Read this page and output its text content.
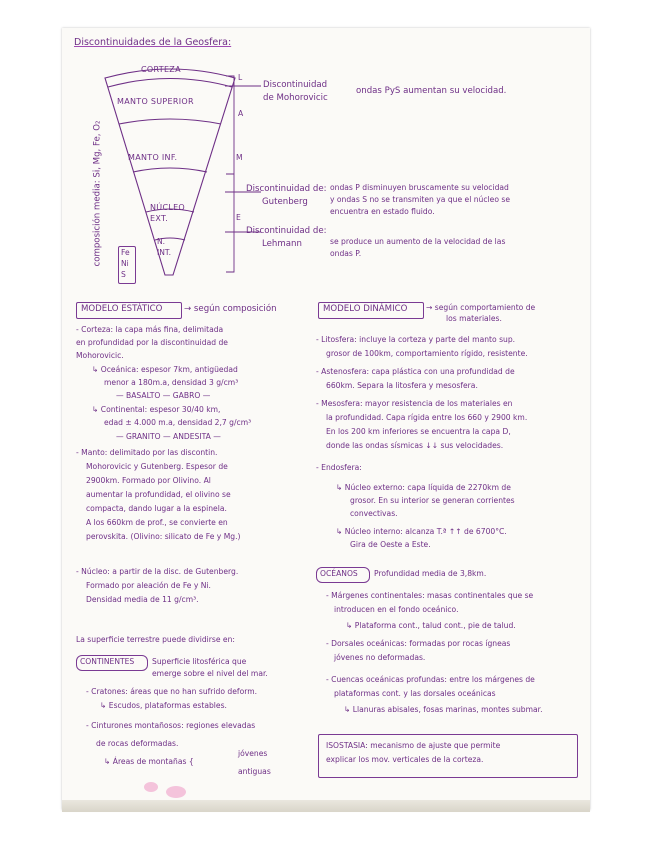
Discontinuidades de la Geosfera:
CORTEZA
MANTO SUPERIOR
MANTO INF.
NÚCLEO EXT.
N. INT.
Fe
Ni
S
composición media: Si, Mg, Fe, O₂
L
A
M
E
Discontinuidad
de Mohorovicic
ondas PyS aumentan su velocidad.
Discontinuidad de:
Gutenberg
ondas P disminuyen bruscamente su velocidad
y ondas S no se transmiten ya que el núcleo se
encuentra en estado fluido.
Discontinuidad de:
Lehmann	se produce un aumento de la velocidad de las
ondas P.
MODELO ESTÁTICO	→ según composición
- Corteza: la capa más fina, delimitada
en profundidad por la discontinuidad de
Mohorovicic.
↳ Oceánica: espesor 7km, antigüedad
menor a 180m.a, densidad 3 g/cm³
— BASALTO — GABRO —
↳ Continental: espesor 30/40 km,
edad ± 4.000 m.a, densidad 2,7 g/cm³
— GRANITO — ANDESITA —
- Manto: delimitado por las discontin.
Mohorovicic y Gutenberg. Espesor de
2900km. Formado por Olivino. Al
aumentar la profundidad, el olivino se
compacta, dando lugar a la espinela.
A los 660km de prof., se convierte en
perovskita. (Olivino: silicato de Fe y Mg.)
- Núcleo: a partir de la disc. de Gutenberg.
Formado por aleación de Fe y Ni.
Densidad media de 11 g/cm³.
La superficie terrestre puede dividirse en:
CONTINENTES Superficie litosférica que
emerge sobre el nivel del mar.
- Cratones: áreas que no han sufrido deform.
↳ Escudos, plataformas estables.
- Cinturones montañosos: regiones elevadas
de rocas deformadas.
↳ Áreas de montañas {
jóvenes
antiguas
MODELO DINÁMICO → según comportamiento de
los materiales.
- Litosfera: incluye la corteza y parte del manto sup.
grosor de 100km, comportamiento rígido, resistente.
- Astenosfera: capa plástica con una profundidad de
660km. Separa la litosfera y mesosfera.
- Mesosfera: mayor resistencia de los materiales en
la profundidad. Capa rígida entre los 660 y 2900 km.
En los 200 km inferiores se encuentra la capa D,
donde las ondas sísmicas ↓↓ sus velocidades.
- Endosfera:
↳ Núcleo externo: capa líquida de 2270km de
grosor. En su interior se generan corrientes
convectivas.
↳ Núcleo interno: alcanza T.ª ↑↑ de 6700°C.
Gira de Oeste a Este.
OCÉANOS Profundidad media de 3,8km.
- Márgenes continentales: masas continentales que se
introducen en el fondo oceánico.
↳ Plataforma cont., talud cont., pie de talud.
- Dorsales oceánicas: formadas por rocas ígneas
jóvenes no deformadas.
- Cuencas oceánicas profundas: entre los márgenes de
plataformas cont. y las dorsales oceánicas
↳ Llanuras abisales, fosas marinas, montes submar.
ISOSTASIA: mecanismo de ajuste que permite
explicar los mov. verticales de la corteza.
